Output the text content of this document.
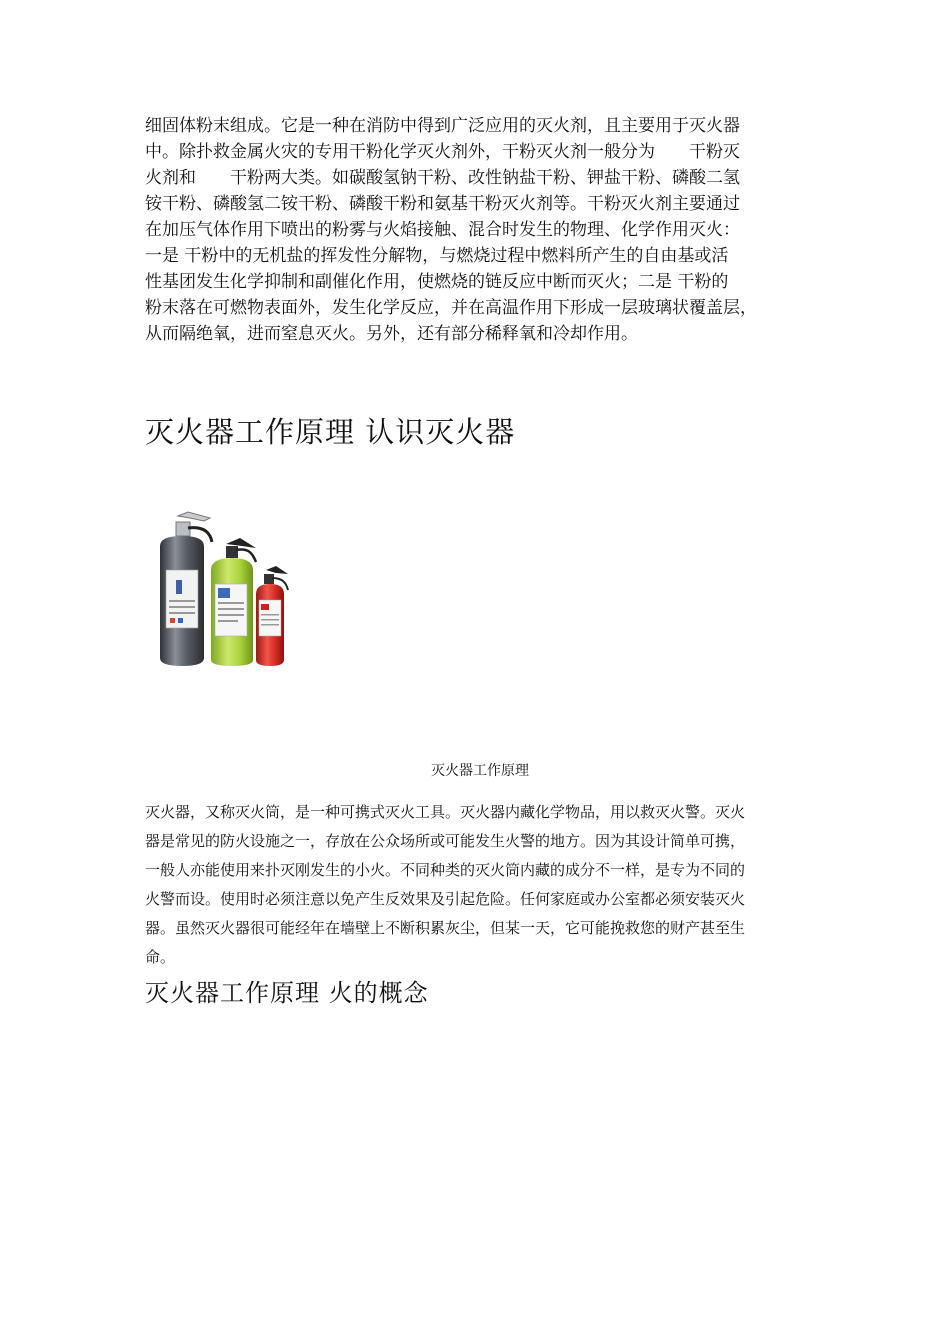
细固体粉末组成。它是一种在消防中得到广泛应用的灭火剂，且主要用于灭火器
中。除扑救金属火灾的专用干粉化学灭火剂外，干粉灭火剂一般分为　　干粉灭
火剂和　　干粉两大类。如碳酸氢钠干粉、改性钠盐干粉、钾盐干粉、磷酸二氢
铵干粉、磷酸氢二铵干粉、磷酸干粉和氨基干粉灭火剂等。干粉灭火剂主要通过
在加压气体作用下喷出的粉雾与火焰接触、混合时发生的物理、化学作用灭火：
一是 干粉中的无机盐的挥发性分解物，与燃烧过程中燃料所产生的自由基或活
性基团发生化学抑制和副催化作用，使燃烧的链反应中断而灭火；二是 干粉的
粉末落在可燃物表面外，发生化学反应，并在高温作用下形成一层玻璃状覆盖层，
从而隔绝氧，进而窒息灭火。另外，还有部分稀释氧和冷却作用。

灭火器工作原理 认识灭火器

灭火器工作原理

灭火器，又称灭火筒，是一种可携式灭火工具。灭火器内藏化学物品，用以救灭火警。灭火
器是常见的防火设施之一，存放在公众场所或可能发生火警的地方。因为其设计简单可携，
一般人亦能使用来扑灭刚发生的小火。不同种类的灭火筒内藏的成分不一样，是专为不同的
火警而设。使用时必须注意以免产生反效果及引起危险。任何家庭或办公室都必须安装灭火
器。虽然灭火器很可能经年在墙壁上不断积累灰尘，但某一天，它可能挽救您的财产甚至生
命。

灭火器工作原理 火的概念
